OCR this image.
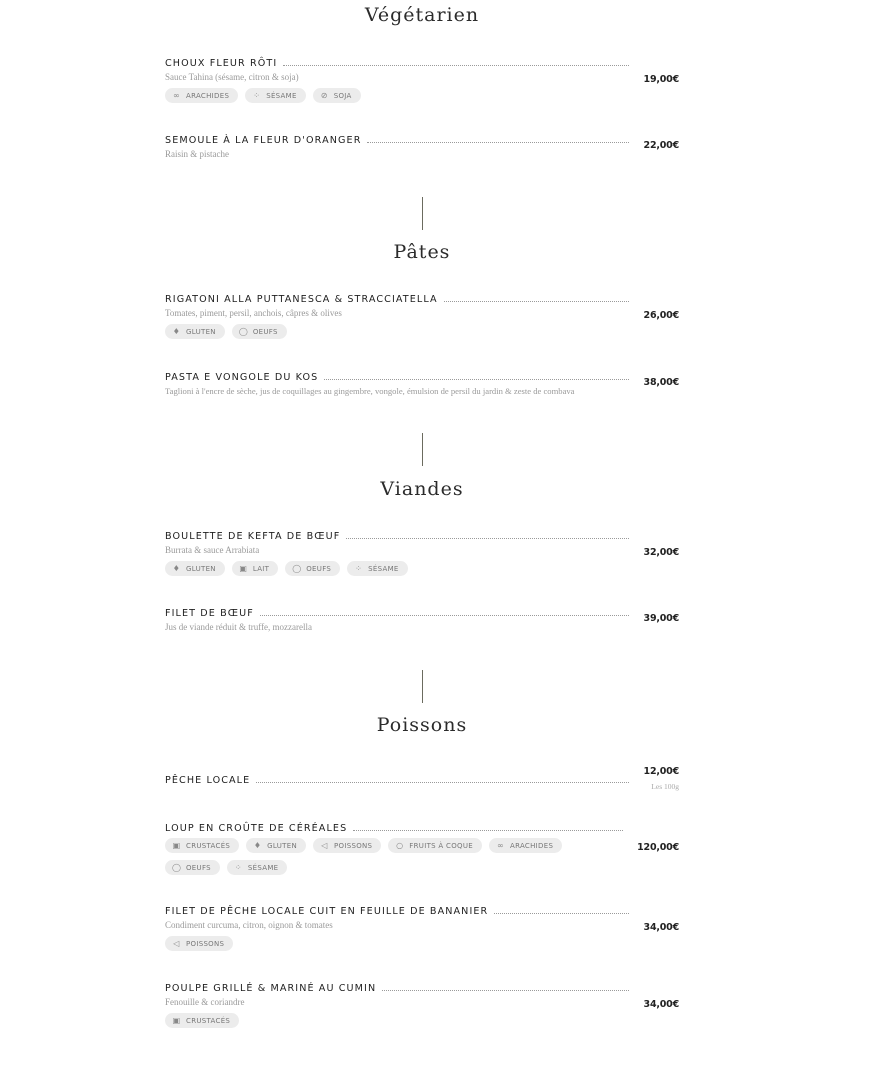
Végétarien
CHOUX FLEUR RÔTI
Sauce Tahina (sésame, citron & soja)
∞ ARACHIDES	⁘ SÉSAME	⊘ SOJA
19,00€
SEMOULE À LA FLEUR D'ORANGER
Raisin & pistache
22,00€
Pâtes
RIGATONI ALLA PUTTANESCA & STRACCIATELLA
Tomates, piment, persil, anchois, câpres & olives
♦ GLUTEN	◯ OEUFS
26,00€
PASTA E VONGOLE DU KOS
Taglioni à l'encre de sèche, jus de coquillages au gingembre, vongole, émulsion de persil du jardin & zeste de combava
38,00€
Viandes
BOULETTE DE KEFTA DE BŒUF
Burrata & sauce Arrabiata
♦ GLUTEN	▣ LAIT	◯ OEUFS	⁘ SÉSAME
32,00€
FILET DE BŒUF
Jus de viande réduit & truffe, mozzarella
39,00€
Poissons
PÊCHE LOCALE
12,00€
Les 100g
LOUP EN CROÛTE DE CÉRÉALES
▣ CRUSTACÉS	♦ GLUTEN	◁ POISSONS	○ FRUITS À COQUE	∞ ARACHIDES
◯ OEUFS	⁘ SÉSAME
120,00€
FILET DE PÊCHE LOCALE CUIT EN FEUILLE DE BANANIER
Condiment curcuma, citron, oignon & tomates
◁ POISSONS
34,00€
POULPE GRILLÉ & MARINÉ AU CUMIN
Fenouille & coriandre
▣ CRUSTACÉS
34,00€
